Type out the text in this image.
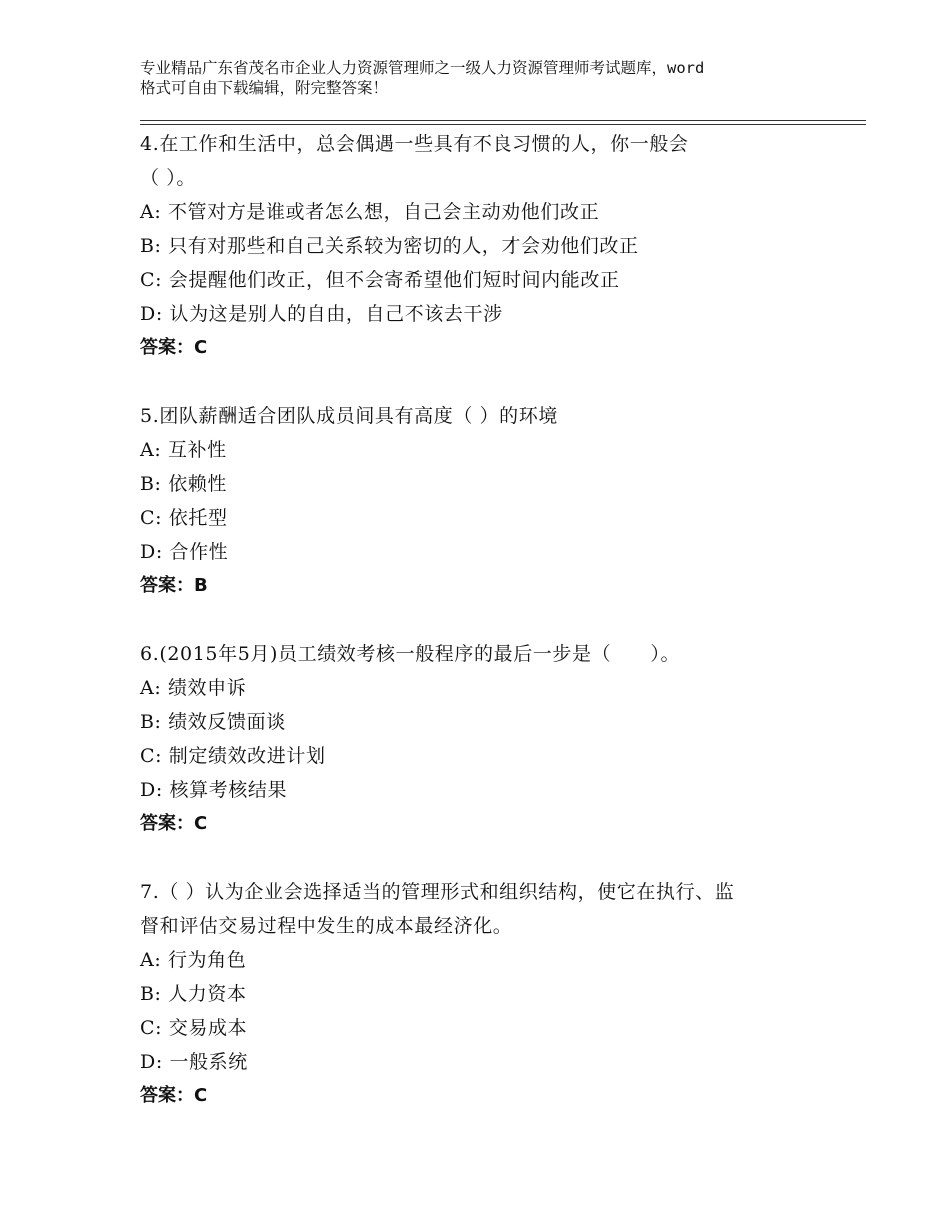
专业精品广东省茂名市企业人力资源管理师之一级人力资源管理师考试题库，word
格式可自由下载编辑，附完整答案！
4.在工作和生活中，总会偶遇一些具有不良习惯的人，你一般会
（ ）。
A: 不管对方是谁或者怎么想，自己会主动劝他们改正
B: 只有对那些和自己关系较为密切的人，才会劝他们改正
C: 会提醒他们改正，但不会寄希望他们短时间内能改正
D: 认为这是别人的自由，自己不该去干涉
答案：C
5.团队薪酬适合团队成员间具有高度（ ）的环境
A: 互补性
B: 依赖性
C: 依托型
D: 合作性
答案：B
6.(2015年5月)员工绩效考核一般程序的最后一步是（　　）。
A: 绩效申诉
B: 绩效反馈面谈
C: 制定绩效改进计划
D: 核算考核结果
答案：C
7.（ ）认为企业会选择适当的管理形式和组织结构，使它在执行、监
督和评估交易过程中发生的成本最经济化。
A: 行为角色
B: 人力资本
C: 交易成本
D: 一般系统
答案：C
